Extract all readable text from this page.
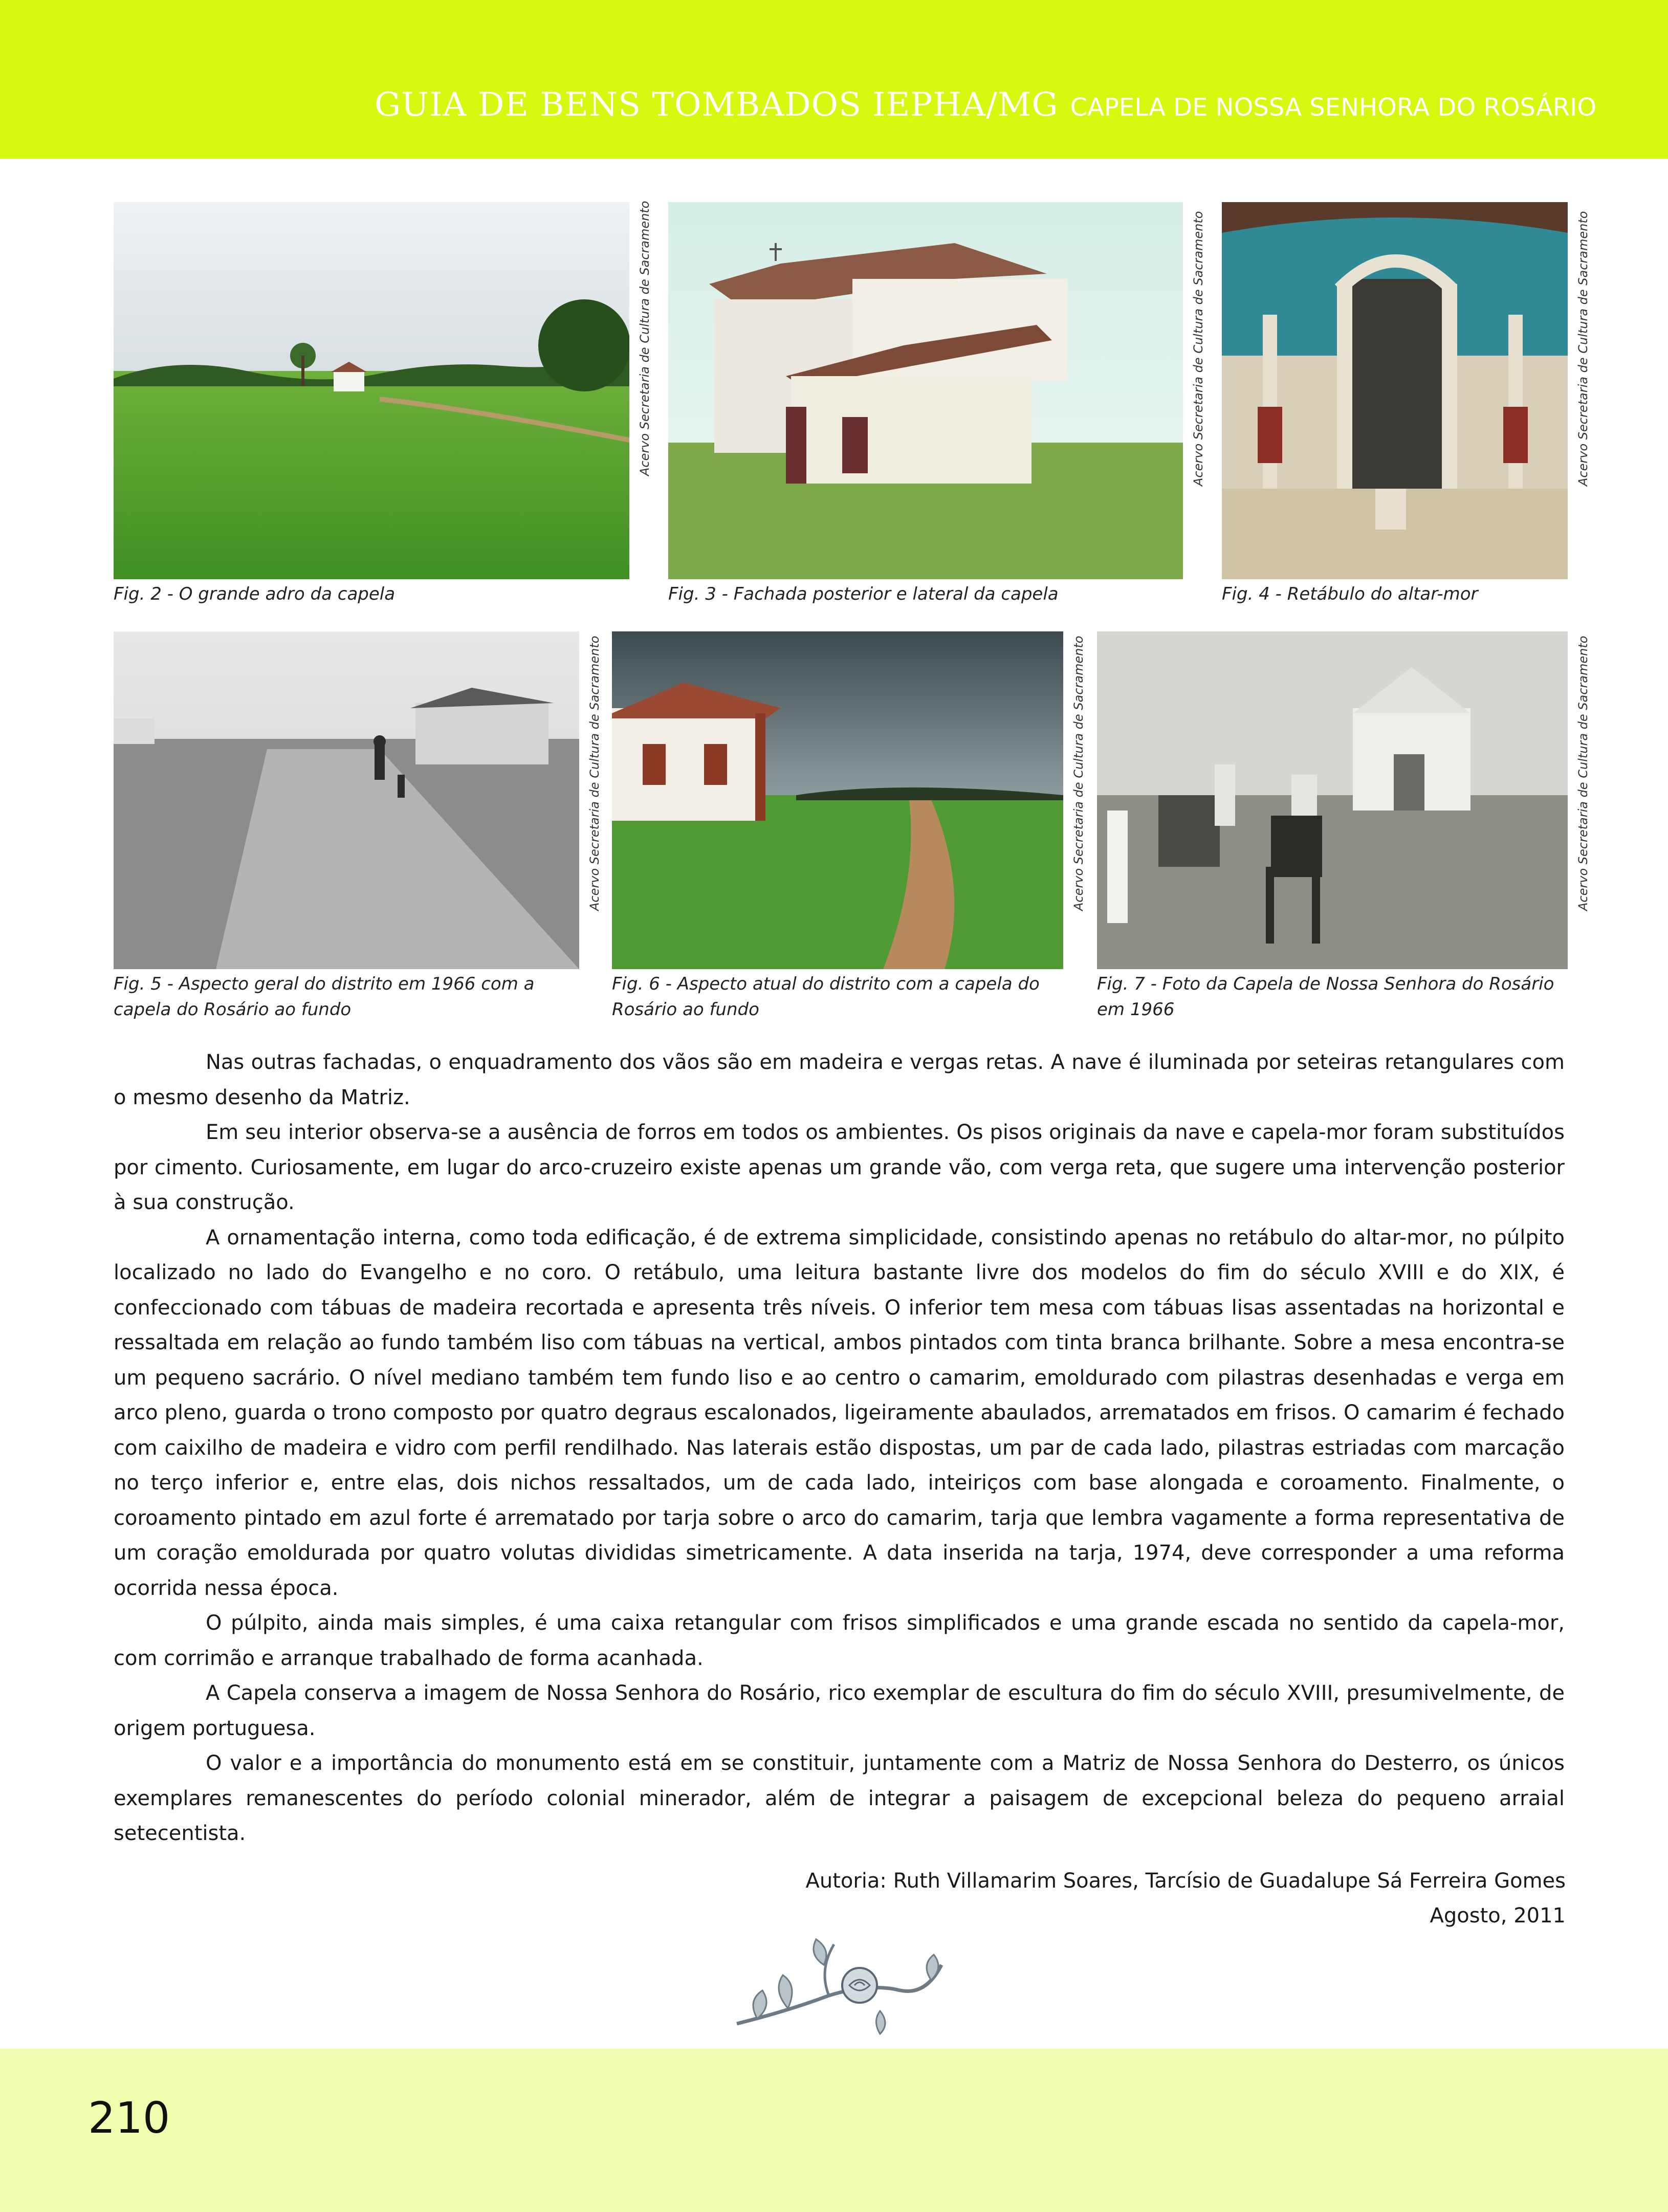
GUIA DE BENS TOMBADOS IEPHA/MG CAPELA DE NOSSA SENHORA DO ROSÁRIO
Acervo Secretaria de Cultura de Sacramento
Fig. 2 - O grande adro da capela
Acervo Secretaria de Cultura de Sacramento
Fig. 3 - Fachada posterior e lateral da capela
Acervo Secretaria de Cultura de Sacramento
Fig. 4 - Retábulo do altar-mor
Acervo Secretaria de Cultura de Sacramento
Fig. 5 - Aspecto geral do distrito em 1966 com a capela do Rosário ao fundo
Acervo Secretaria de Cultura de Sacramento
Fig. 6 - Aspecto atual do distrito com a capela do Rosário ao fundo
Acervo Secretaria de Cultura de Sacramento
Fig. 7 - Foto da Capela de Nossa Senhora do Rosário em 1966

Nas outras fachadas, o enquadramento dos vãos são em madeira e vergas retas. A nave é iluminada por seteiras retangulares com o mesmo desenho da Matriz.

Em seu interior observa-se a ausência de forros em todos os ambientes. Os pisos originais da nave e capela-mor foram substituídos por cimento. Curiosamente, em lugar do arco-cruzeiro existe apenas um grande vão, com verga reta, que sugere uma intervenção posterior à sua construção.

A ornamentação interna, como toda edificação, é de extrema simplicidade, consistindo apenas no retábulo do altar-mor, no púlpito localizado no lado do Evangelho e no coro. O retábulo, uma leitura bastante livre dos modelos do fim do século XVIII e do XIX, é confeccionado com tábuas de madeira recortada e apresenta três níveis. O inferior tem mesa com tábuas lisas assentadas na horizontal e ressaltada em relação ao fundo também liso com tábuas na vertical, ambos pintados com tinta branca brilhante. Sobre a mesa encontra-se um pequeno sacrário. O nível mediano também tem fundo liso e ao centro o camarim, emoldurado com pilastras desenhadas e verga em arco pleno, guarda o trono composto por quatro degraus escalonados, ligeiramente abaulados, arrematados em frisos. O camarim é fechado com caixilho de madeira e vidro com perfil rendilhado. Nas laterais estão dispostas, um par de cada lado, pilastras estriadas com marcação no terço inferior e, entre elas, dois nichos ressaltados, um de cada lado, inteiriços com base alongada e coroamento. Finalmente, o coroamento pintado em azul forte é arrematado por tarja sobre o arco do camarim, tarja que lembra vagamente a forma representativa de um coração emoldurada por quatro volutas divididas simetricamente. A data inserida na tarja, 1974, deve corresponder a uma reforma ocorrida nessa época.

O púlpito, ainda mais simples, é uma caixa retangular com frisos simplificados e uma grande escada no sentido da capela-mor, com corrimão e arranque trabalhado de forma acanhada.

A Capela conserva a imagem de Nossa Senhora do Rosário, rico exemplar de escultura do fim do século XVIII, presumivelmente, de origem portuguesa.

O valor e a importância do monumento está em se constituir, juntamente com a Matriz de Nossa Senhora do Desterro, os únicos exemplares remanescentes do período colonial minerador, além de integrar a paisagem de excepcional beleza do pequeno arraial setecentista.

Autoria: Ruth Villamarim Soares, Tarcísio de Guadalupe Sá Ferreira Gomes
Agosto, 2011
210
